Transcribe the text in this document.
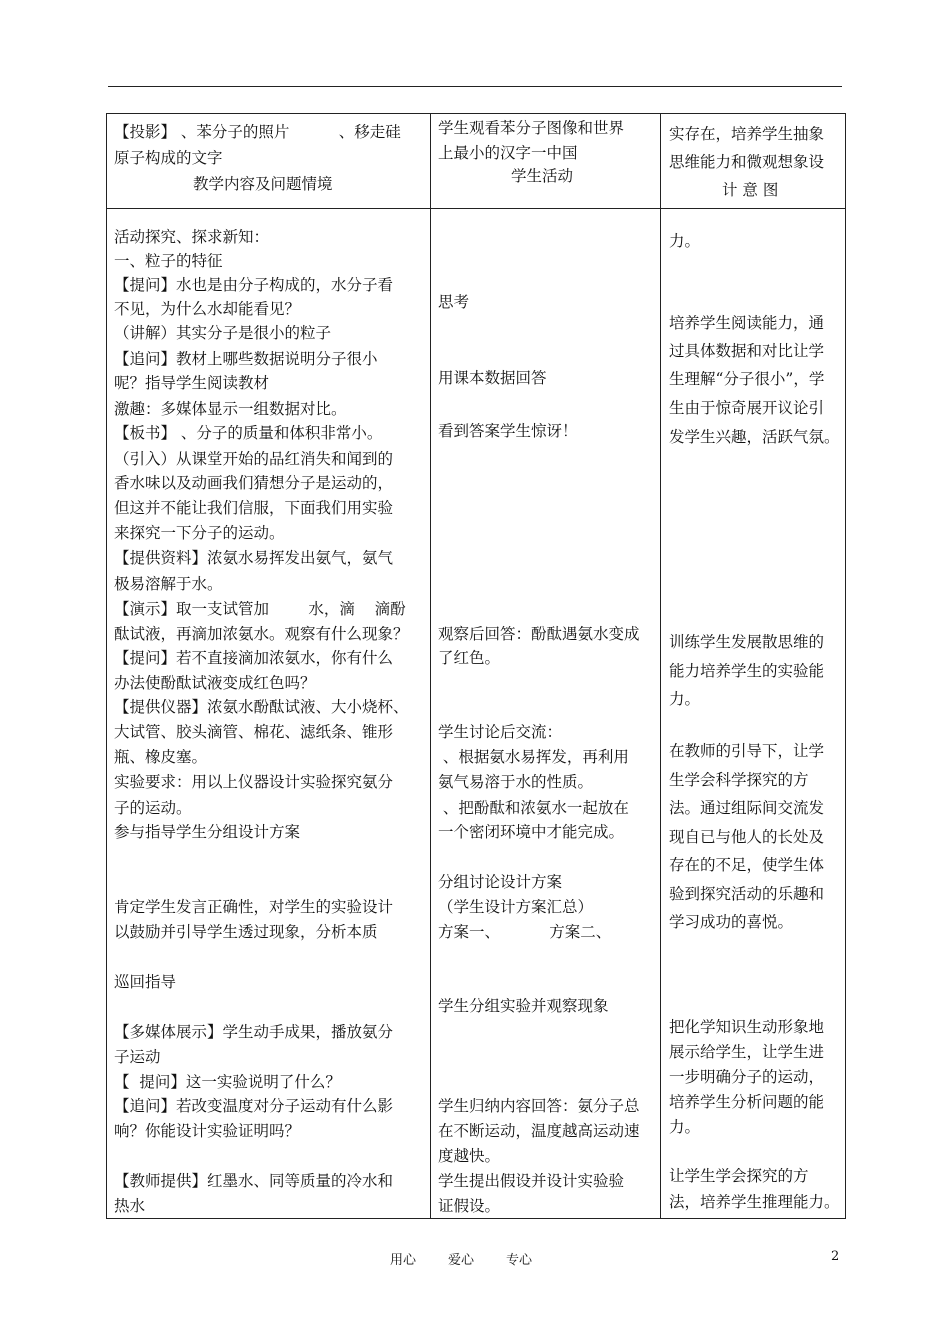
【投影】 、苯分子的照片          、移走硅
原子构成的文字
教学内容及问题情境
学生观看苯分子图像和世界
上最小的汉字一中国
学生活动
实存在，培养学生抽象
思维能力和微观想象设
计 意 图
活动探究、探求新知：
一、粒子的特征
【提问】水也是由分子构成的，水分子看
不见，为什么水却能看见？
（讲解）其实分子是很小的粒子
【追问】教材上哪些数据说明分子很小
呢？指导学生阅读教材
激趣：多媒体显示一组数据对比。
【板书】 、分子的质量和体积非常小。
（引入）从课堂开始的品红消失和闻到的
香水味以及动画我们猜想分子是运动的，
但这并不能让我们信服，下面我们用实验
来探究一下分子的运动。
【提供资料】浓氨水易挥发出氨气，氨气
极易溶解于水。
【演示】取一支试管加        水，滴    滴酚
酞试液，再滴加浓氨水。观察有什么现象？
【提问】若不直接滴加浓氨水，你有什么
办法使酚酞试液变成红色吗？
【提供仪器】浓氨水酚酞试液、大小烧杯、
大试管、胶头滴管、棉花、滤纸条、锥形
瓶、橡皮塞。
实验要求：用以上仪器设计实验探究氨分
子的运动。
参与指导学生分组设计方案
肯定学生发言正确性，对学生的实验设计
以鼓励并引导学生透过现象，分析本质
巡回指导
【多媒体展示】学生动手成果，播放氨分
子运动
【  提问】这一实验说明了什么？
【追问】若改变温度对分子运动有什么影
响？你能设计实验证明吗？
【教师提供】红墨水、同等质量的冷水和
热水
思考
用课本数据回答
看到答案学生惊讶！
观察后回答：酚酞遇氨水变成
了红色。
学生讨论后交流：
、根据氨水易挥发，再利用
氨气易溶于水的性质。
、把酚酞和浓氨水一起放在
一个密闭环境中才能完成。
分组讨论设计方案
（学生设计方案汇总）
方案一、          方案二、
学生分组实验并观察现象
学生归纳内容回答：氨分子总
在不断运动，温度越高运动速
度越快。
学生提出假设并设计实验验
证假设。
力。
培养学生阅读能力，通
过具体数据和对比让学
生理解“分子很小”，学
生由于惊奇展开议论引
发学生兴趣，活跃气氛。
训练学生发展散思维的
能力培养学生的实验能
力。
在教师的引导下，让学
生学会科学探究的方
法。通过组际间交流发
现自已与他人的长处及
存在的不足，使学生体
验到探究活动的乐趣和
学习成功的喜悦。
把化学知识生动形象地
展示给学生，让学生进
一步明确分子的运动，
培养学生分析问题的能
力。
让学生学会探究的方
法，培养学生推理能力。
用心 爱心 专心	2
